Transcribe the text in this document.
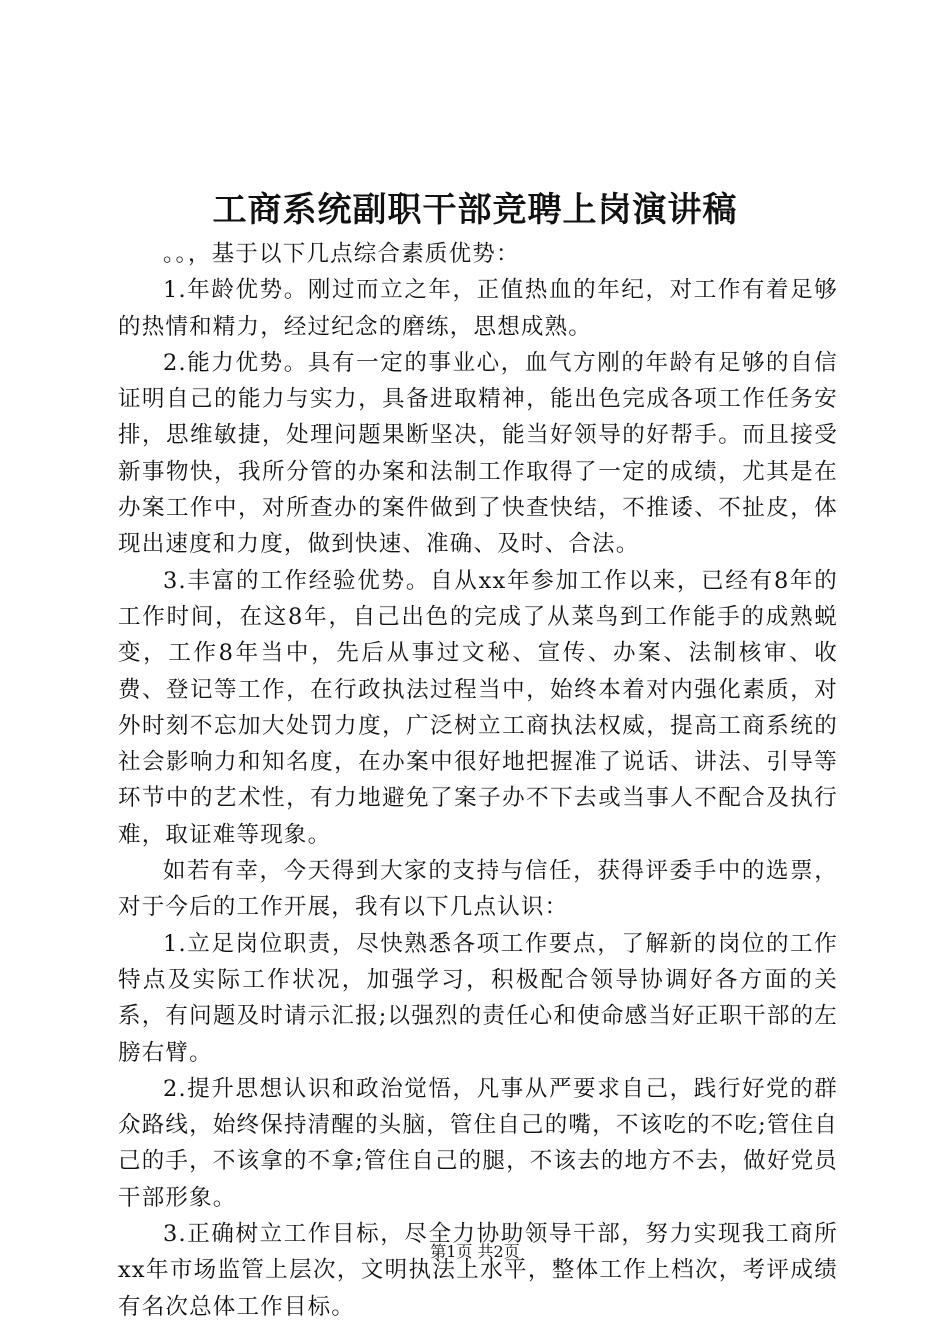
工商系统副职干部竞聘上岗演讲稿

。。，基于以下几点综合素质优势：

1.年龄优势。刚过而立之年，正值热血的年纪，对工作有着足够的热情和精力，经过纪念的磨练，思想成熟。

2.能力优势。具有一定的事业心，血气方刚的年龄有足够的自信证明自己的能力与实力，具备进取精神，能出色完成各项工作任务安排，思维敏捷，处理问题果断坚决，能当好领导的好帮手。而且接受新事物快，我所分管的办案和法制工作取得了一定的成绩，尤其是在办案工作中，对所查办的案件做到了快查快结，不推诿、不扯皮，体现出速度和力度，做到快速、准确、及时、合法。

3.丰富的工作经验优势。自从xx年参加工作以来，已经有8年的工作时间，在这8年，自己出色的完成了从菜鸟到工作能手的成熟蜕变，工作8年当中，先后从事过文秘、宣传、办案、法制核审、收费、登记等工作，在行政执法过程当中，始终本着对内强化素质，对外时刻不忘加大处罚力度，广泛树立工商执法权威，提高工商系统的社会影响力和知名度，在办案中很好地把握准了说话、讲法、引导等环节中的艺术性，有力地避免了案子办不下去或当事人不配合及执行难，取证难等现象。

如若有幸，今天得到大家的支持与信任，获得评委手中的选票，对于今后的工作开展，我有以下几点认识：

1.立足岗位职责，尽快熟悉各项工作要点，了解新的岗位的工作特点及实际工作状况，加强学习，积极配合领导协调好各方面的关系，有问题及时请示汇报;以强烈的责任心和使命感当好正职干部的左膀右臂。

2.提升思想认识和政治觉悟，凡事从严要求自己，践行好党的群众路线，始终保持清醒的头脑，管住自己的嘴，不该吃的不吃;管住自己的手，不该拿的不拿;管住自己的腿，不该去的地方不去，做好党员干部形象。

3.正确树立工作目标，尽全力协助领导干部，努力实现我工商所xx年市场监管上层次，文明执法上水平，整体工作上档次，考评成绩有名次总体工作目标。

第1页 共2页
